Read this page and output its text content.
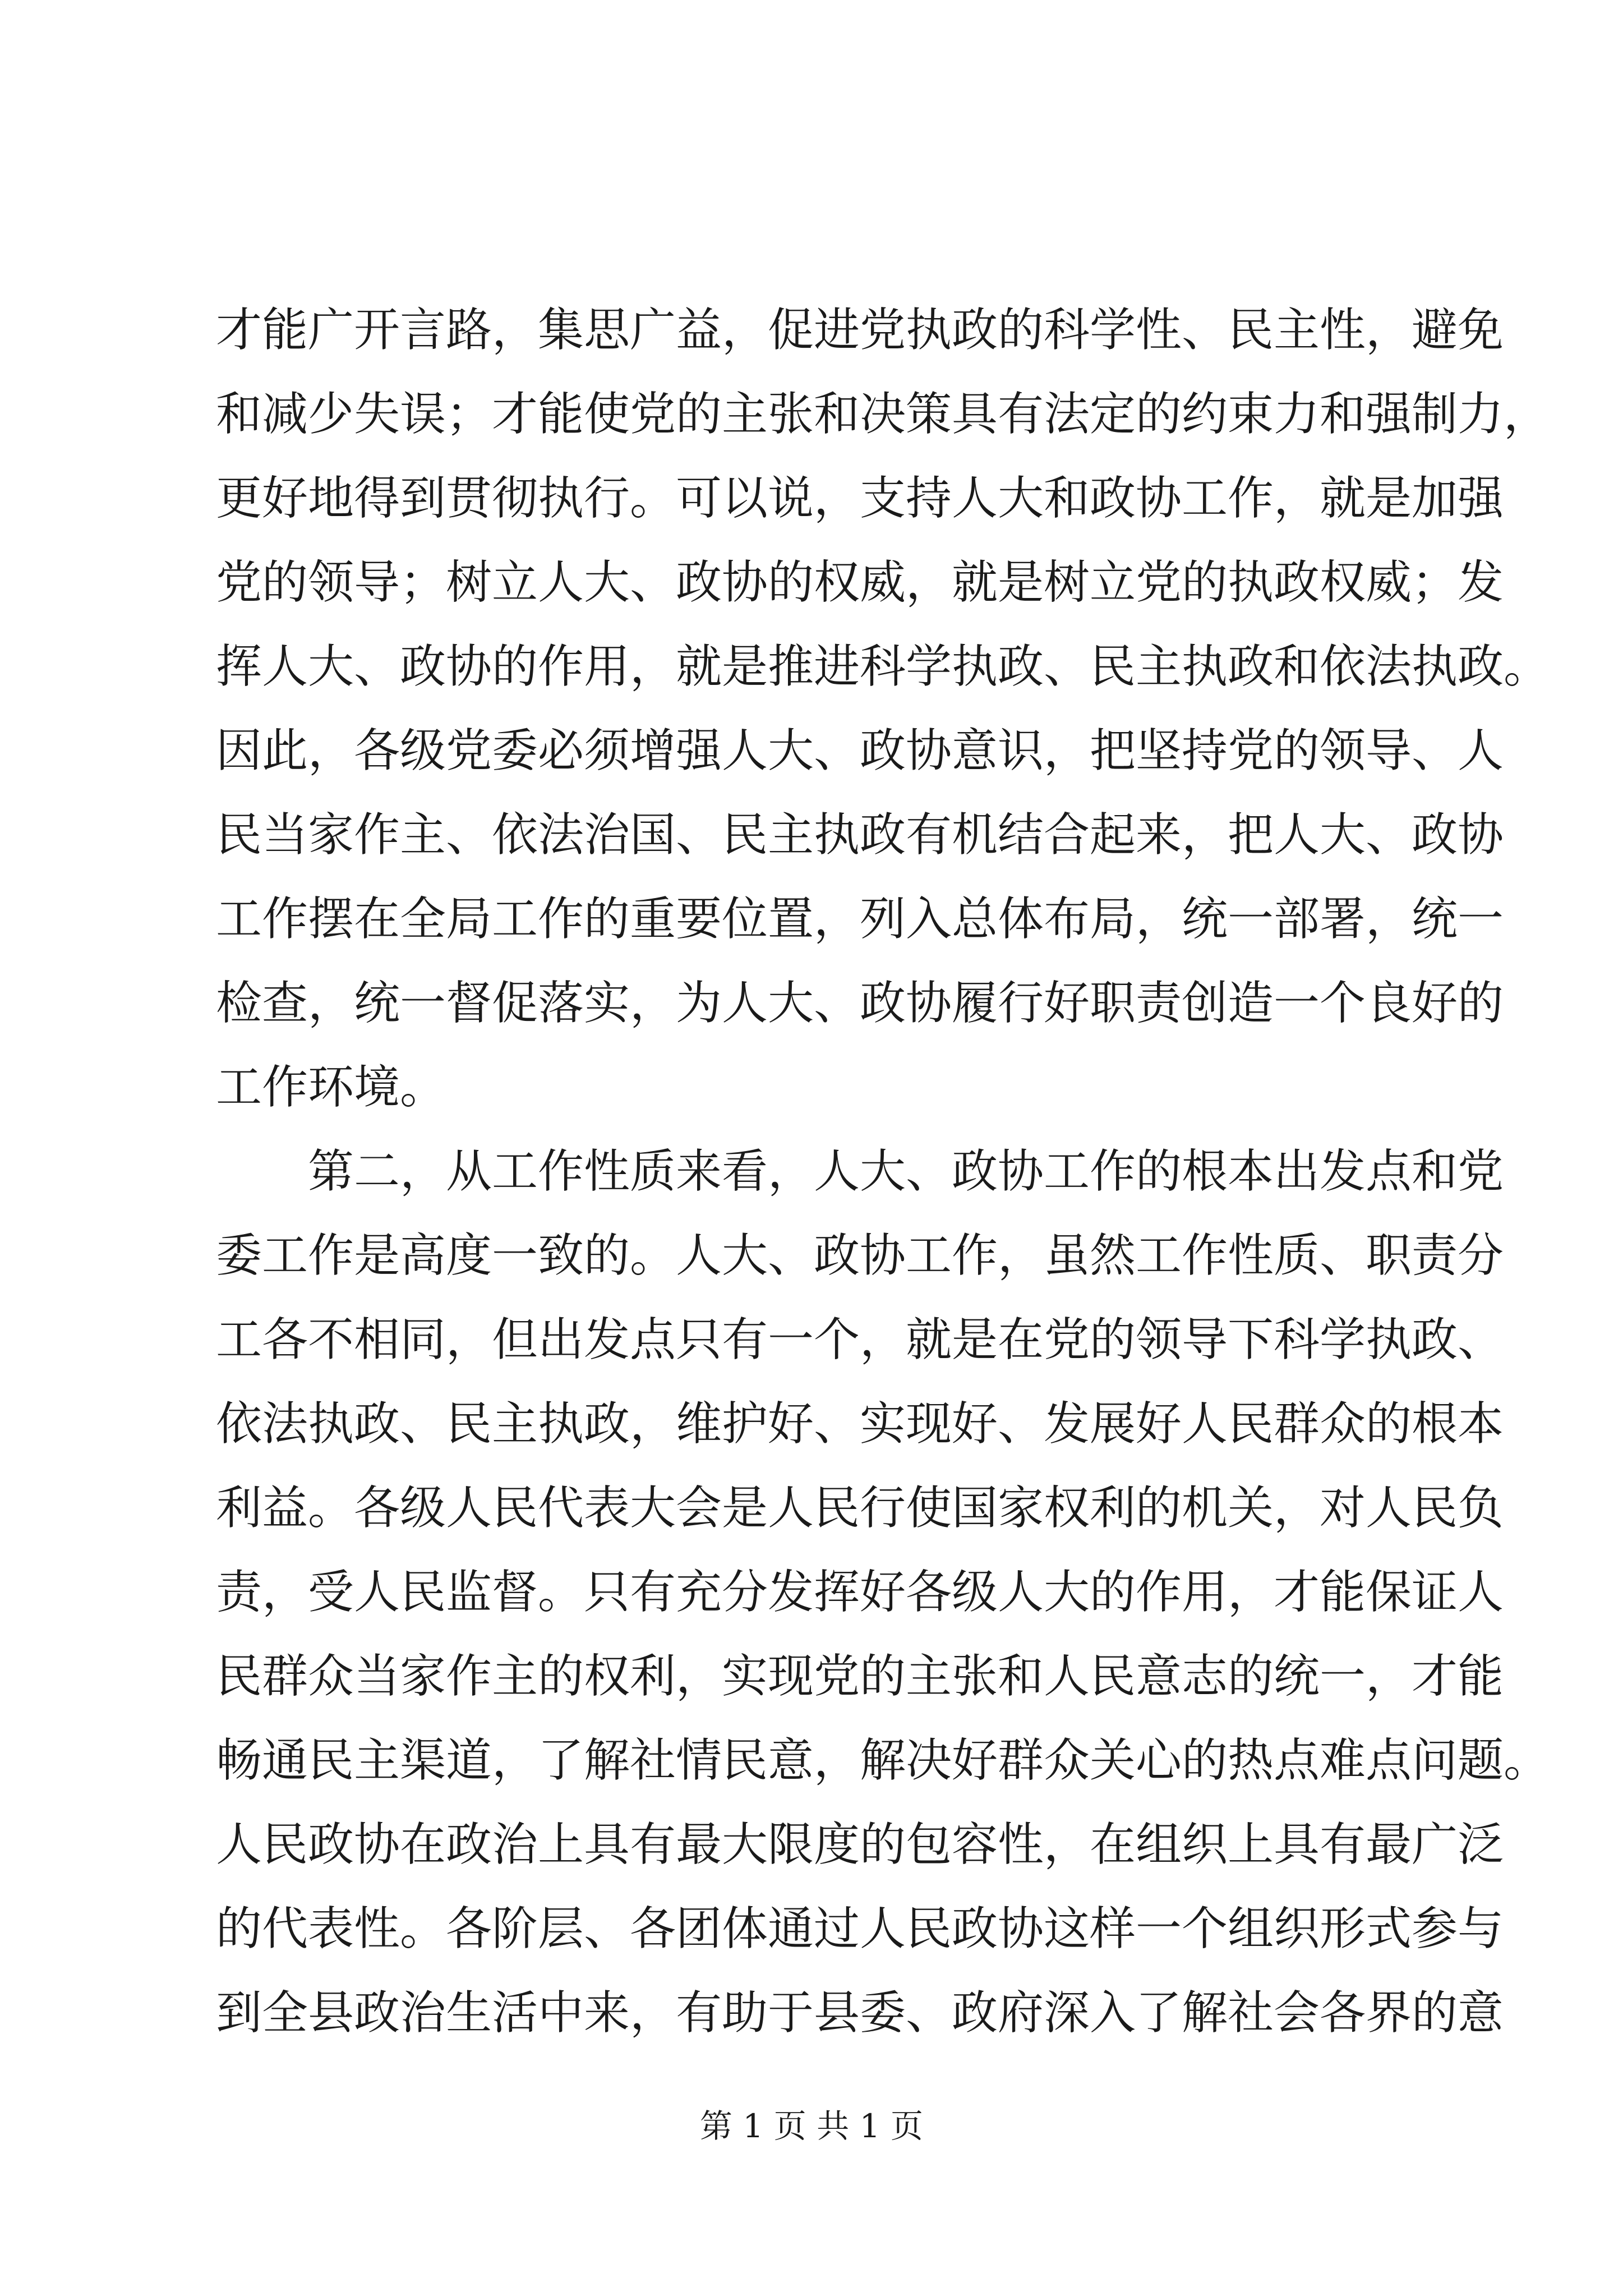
才能广开言路，集思广益，促进党执政的科学性、民主性，避免
和减少失误；才能使党的主张和决策具有法定的约束力和强制力，
更好地得到贯彻执行。可以说，支持人大和政协工作，就是加强
党的领导；树立人大、政协的权威，就是树立党的执政权威；发
挥人大、政协的作用，就是推进科学执政、民主执政和依法执政。
因此，各级党委必须增强人大、政协意识，把坚持党的领导、人
民当家作主、依法治国、民主执政有机结合起来，把人大、政协
工作摆在全局工作的重要位置，列入总体布局，统一部署，统一
检查，统一督促落实，为人大、政协履行好职责创造一个良好的
工作环境。
第二，从工作性质来看，人大、政协工作的根本出发点和党
委工作是高度一致的。人大、政协工作，虽然工作性质、职责分
工各不相同，但出发点只有一个，就是在党的领导下科学执政、
依法执政、民主执政，维护好、实现好、发展好人民群众的根本
利益。各级人民代表大会是人民行使国家权利的机关，对人民负
责，受人民监督。只有充分发挥好各级人大的作用，才能保证人
民群众当家作主的权利，实现党的主张和人民意志的统一，才能
畅通民主渠道，了解社情民意，解决好群众关心的热点难点问题。
人民政协在政治上具有最大限度的包容性，在组织上具有最广泛
的代表性。各阶层、各团体通过人民政协这样一个组织形式参与
到全县政治生活中来，有助于县委、政府深入了解社会各界的意
第 1 页 共 1 页
